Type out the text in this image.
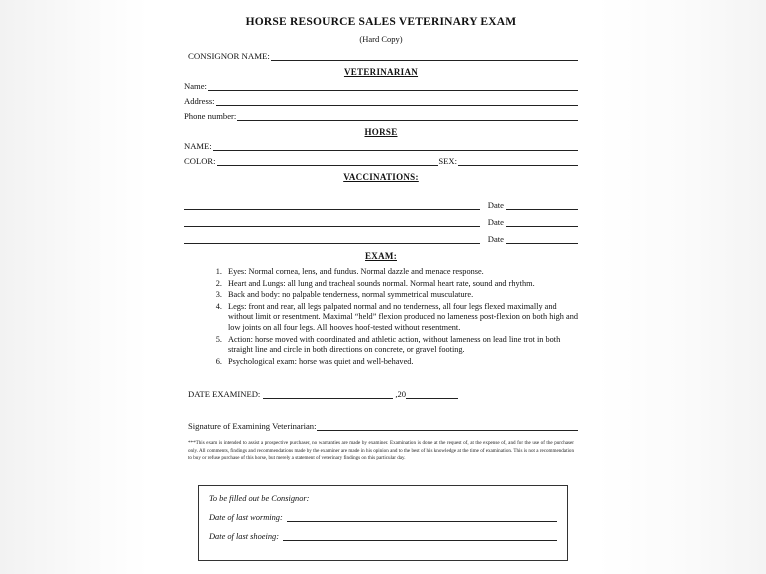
HORSE RESOURCE SALES VETERINARY EXAM
(Hard Copy)
CONSIGNOR NAME:
VETERINARIAN
Name:
Address:
Phone number:
HORSE
NAME:
COLOR:	SEX:
VACCINATIONS:
Date
Date
Date
EXAM:
1. Eyes: Normal cornea, lens, and fundus. Normal dazzle and menace response.
2. Heart and Lungs: all lung and tracheal sounds normal. Normal heart rate, sound and rhythm.
3. Back and body: no palpable tenderness, normal symmetrical musculature.
4. Legs: front and rear, all legs palpated normal and no tenderness, all four legs flexed maximally and without limit or resentment. Maximal “held” flexion produced no lameness post-flexion on both high and low joints on all four legs. All hooves hoof-tested without resentment.
5. Action: horse moved with coordinated and athletic action, without lameness on lead line trot in both straight line and circle in both directions on concrete, or gravel footing.
6. Psychological exam: horse was quiet and well-behaved.
DATE EXAMINED:	,20
Signature of Examining Veterinarian:
***This exam is intended to assist a prospective purchaser, no warranties are made by examiner. Examination is done at the request of, at the expense of, and for the use of the purchaser only. All comments, findings and recommendations made by the examiner are made in his opinion and to the best of his knowledge at the time of examination. This is not a recommendation to buy or refuse purchase of this horse, but merely a statement of veterinary findings on this particular day.
To be filled out be Consignor:
Date of last worming:
Date of last shoeing:
